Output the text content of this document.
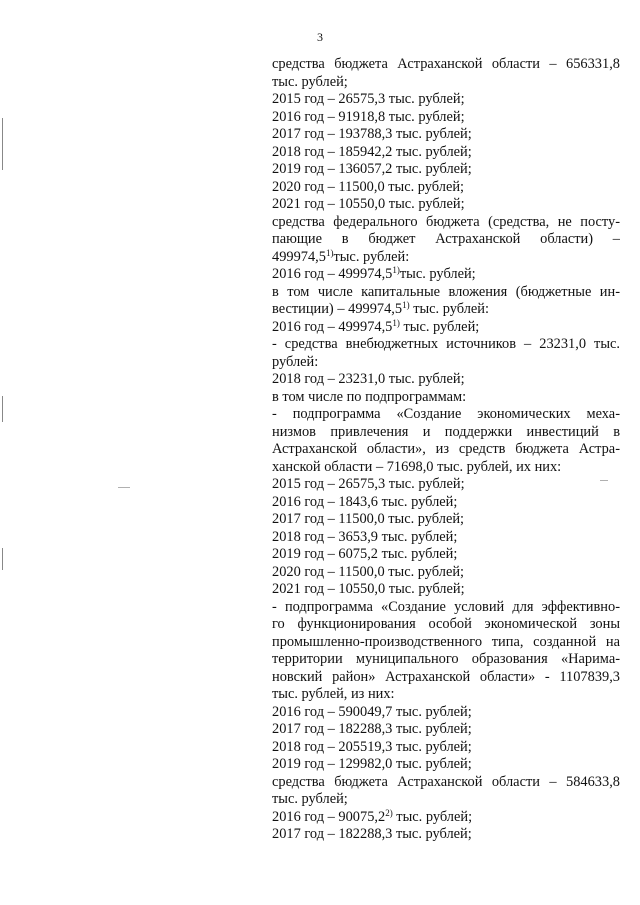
3
средства бюджета Астраханской области – 656331,8
тыс. рублей;
2015 год – 26575,3 тыс. рублей;
2016 год – 91918,8 тыс. рублей;
2017 год – 193788,3 тыс. рублей;
2018 год – 185942,2 тыс. рублей;
2019 год – 136057,2 тыс. рублей;
2020 год – 11500,0 тыс. рублей;
2021 год – 10550,0 тыс. рублей;
средства федерального бюджета (средства, не посту-
пающие в бюджет Астраханской области) –
499974,5$^{1)}$тыс. рублей:
2016 год – 499974,5$^{1)}$тыс. рублей;
в том числе капитальные вложения (бюджетные ин-
вестиции) – 499974,5$^{1)}$ тыс. рублей:
2016 год – 499974,5$^{1)}$ тыс. рублей;
- средства внебюджетных источников – 23231,0 тыс.
рублей:
2018 год – 23231,0 тыс. рублей;
в том числе по подпрограммам:
- подпрограмма «Создание экономических меха-
низмов привлечения и поддержки инвестиций в
Астраханской области», из средств бюджета Астра-
ханской области – 71698,0 тыс. рублей, их них:
2015 год – 26575,3 тыс. рублей;
2016 год – 1843,6 тыс. рублей;
2017 год – 11500,0 тыс. рублей;
2018 год – 3653,9 тыс. рублей;
2019 год – 6075,2 тыс. рублей;
2020 год – 11500,0 тыс. рублей;
2021 год – 10550,0 тыс. рублей;
- подпрограмма «Создание условий для эффективно-
го функционирования особой экономической зоны
промышленно-производственного типа, созданной на
территории муниципального образования «Нарима-
новский район» Астраханской области» - 1107839,3
тыс. рублей, из них:
2016 год – 590049,7 тыс. рублей;
2017 год – 182288,3 тыс. рублей;
2018 год – 205519,3 тыс. рублей;
2019 год – 129982,0 тыс. рублей;
средства бюджета Астраханской области – 584633,8
тыс. рублей;
2016 год – 90075,2$^{2)}$ тыс. рублей;
2017 год – 182288,3 тыс. рублей;
